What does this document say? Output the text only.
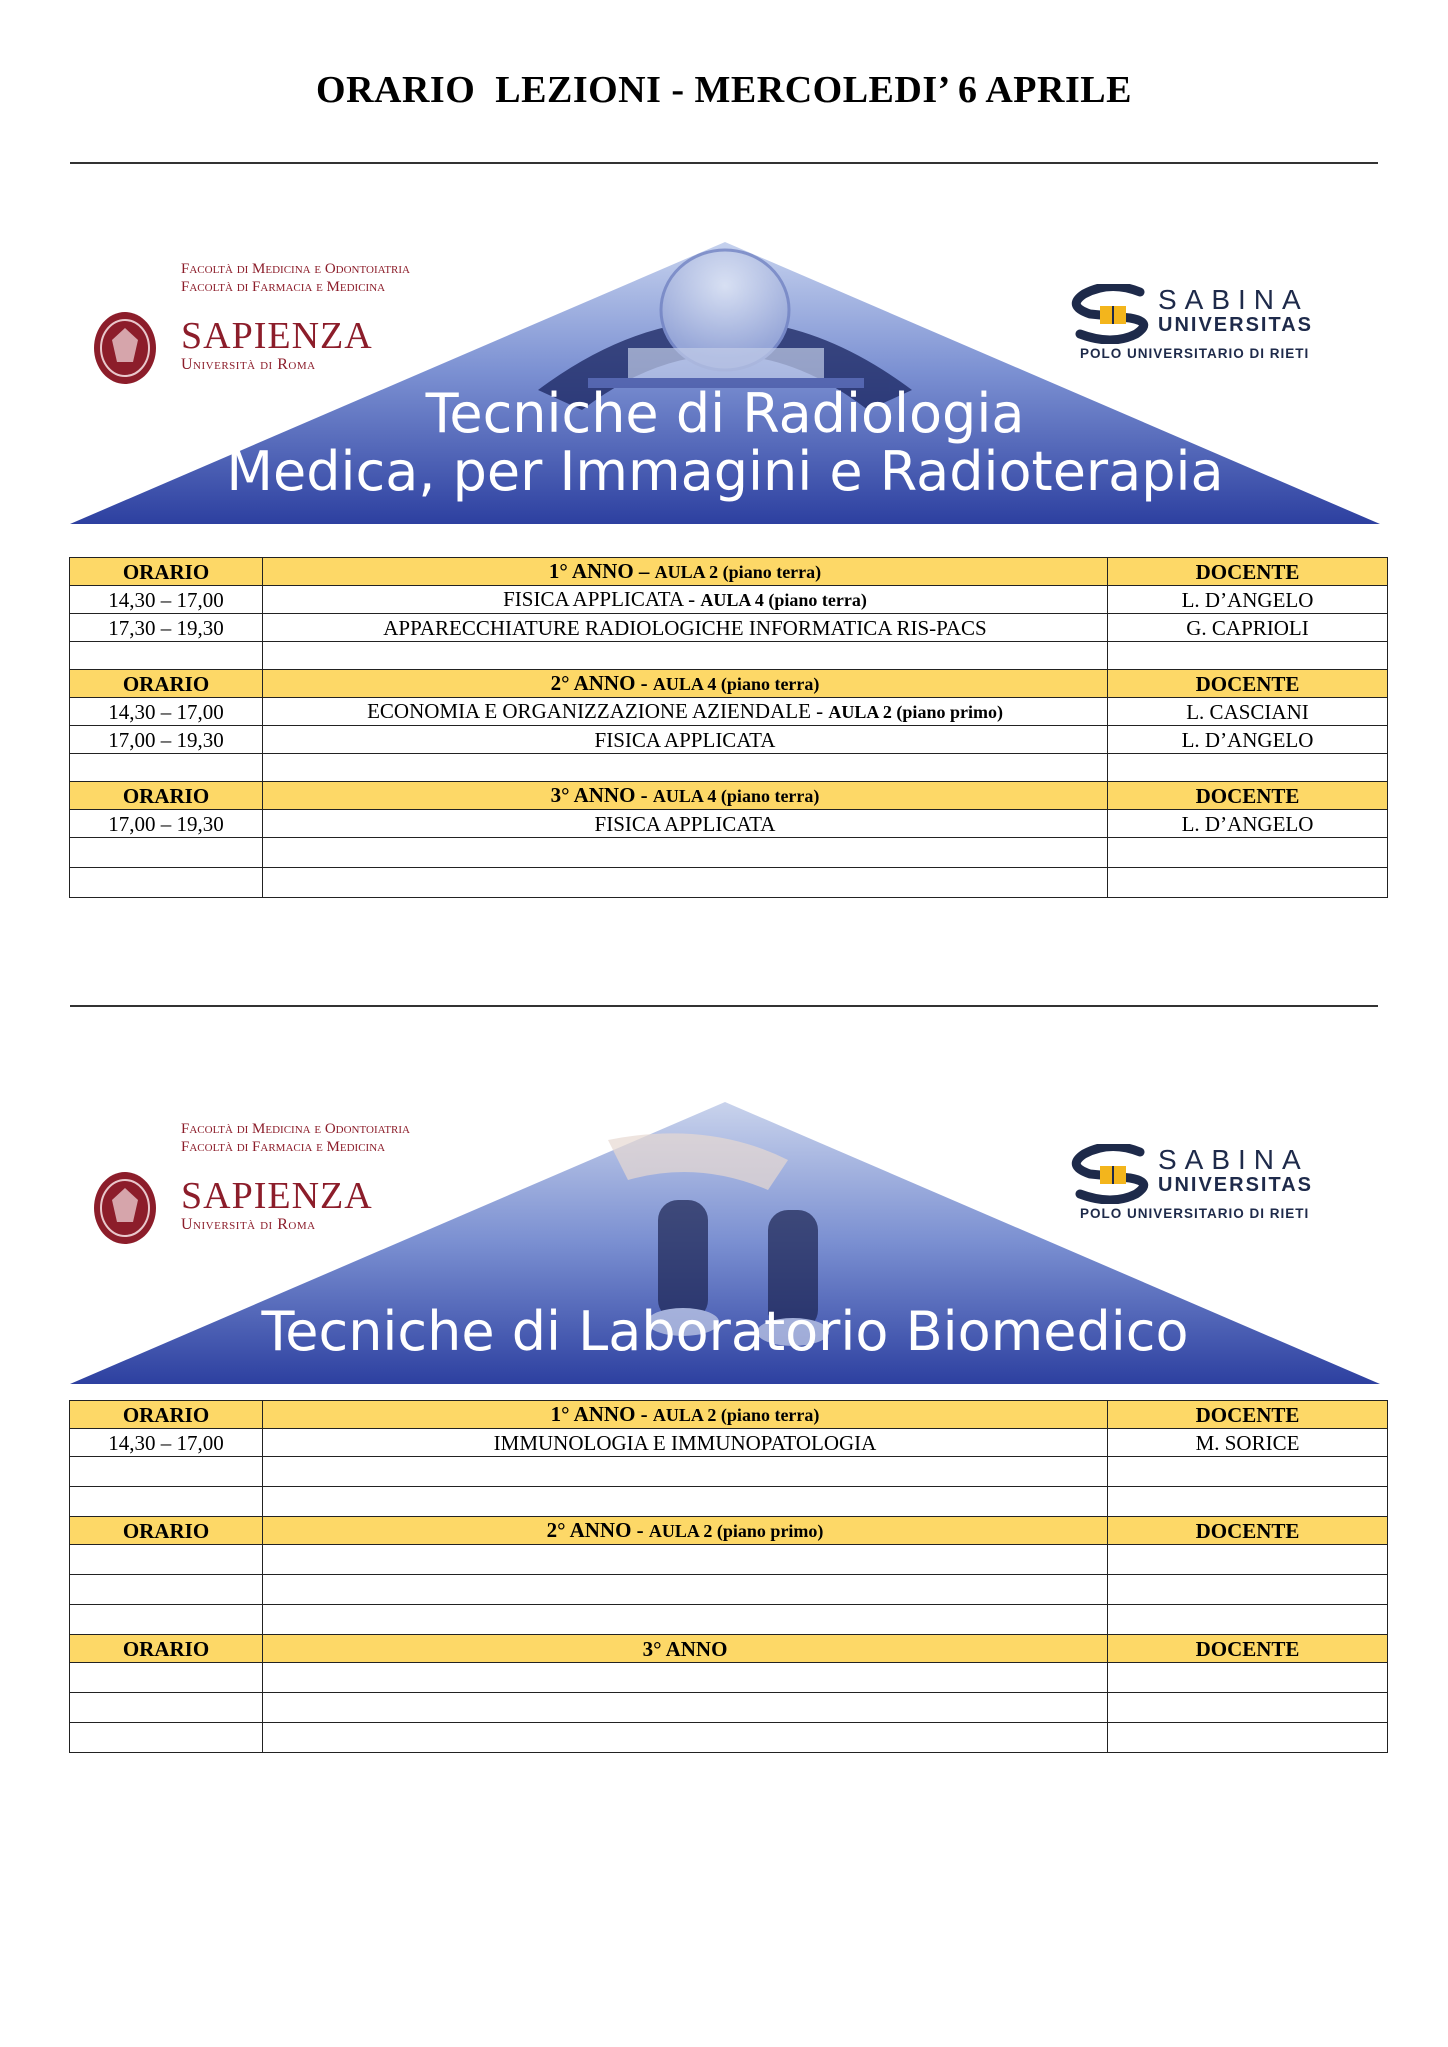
ORARIO  LEZIONI - MERCOLEDI’ 6 APRILE
Tecniche di Radiologia
Medica, per Immagini e Radioterapia
Facoltà di Medicina e Odontoiatria
Facoltà di Farmacia e Medicina
SAPIENZA
Università di Roma
SABINA
UNIVERSITAS
POLO UNIVERSITARIO DI RIETI
ORARIO	1° ANNO – AULA 2 (piano terra)	DOCENTE
14,30 – 17,00	FISICA APPLICATA - AULA 4 (piano terra)	L. D’ANGELO
17,30 – 19,30	APPARECCHIATURE RADIOLOGICHE INFORMATICA RIS-PACS	G. CAPRIOLI

ORARIO	2° ANNO - AULA 4 (piano terra)	DOCENTE
14,30 – 17,00	ECONOMIA E ORGANIZZAZIONE AZIENDALE - AULA 2 (piano primo)	L. CASCIANI
17,00 – 19,30	FISICA APPLICATA	L. D’ANGELO

ORARIO	3° ANNO - AULA 4 (piano terra)	DOCENTE
17,00 – 19,30	FISICA APPLICATA	L. D’ANGELO

Tecniche di Laboratorio Biomedico
Facoltà di Medicina e Odontoiatria
Facoltà di Farmacia e Medicina
SAPIENZA
Università di Roma
SABINA
UNIVERSITAS
POLO UNIVERSITARIO DI RIETI
ORARIO	1° ANNO - AULA 2 (piano terra)	DOCENTE
14,30 – 17,00	IMMUNOLOGIA E IMMUNOPATOLOGIA	M. SORICE

ORARIO	2° ANNO - AULA 2 (piano primo)	DOCENTE

ORARIO	3° ANNO	DOCENTE
